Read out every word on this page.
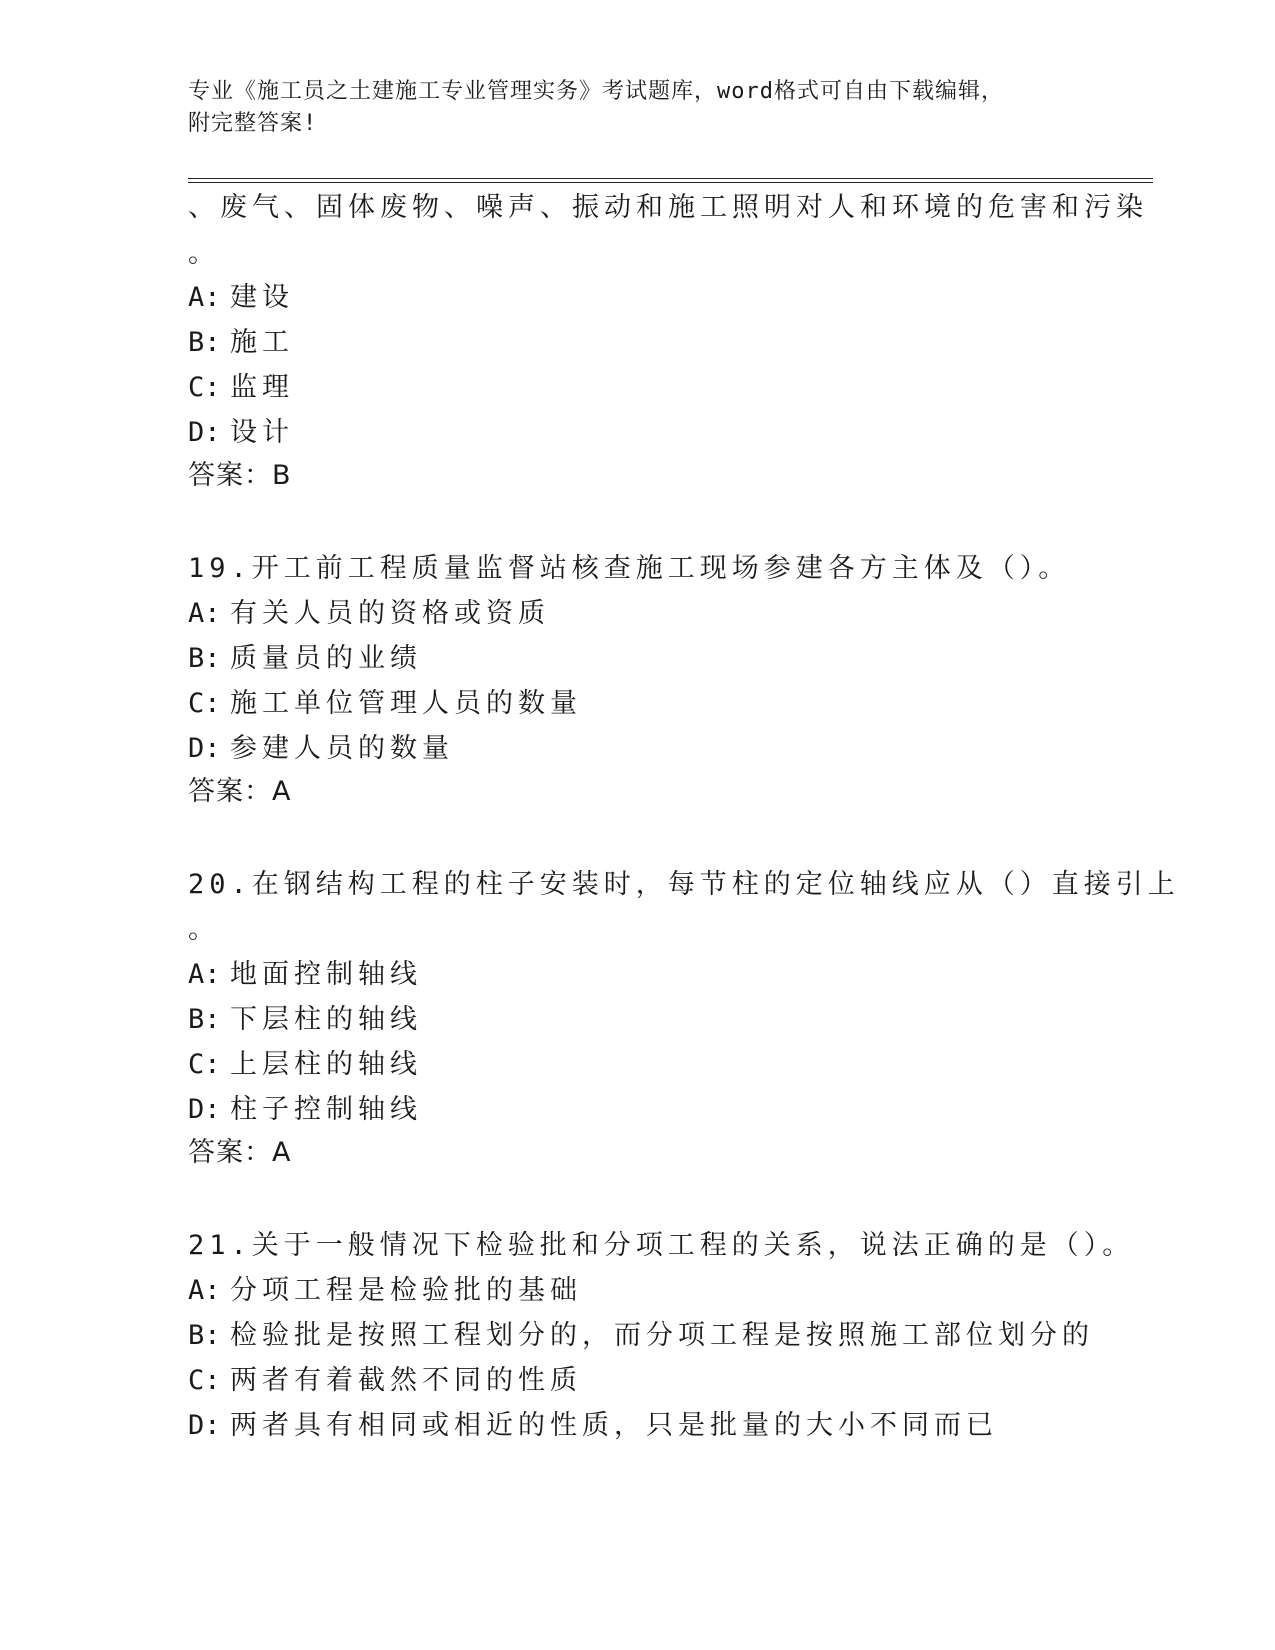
专业《施工员之土建施工专业管理实务》考试题库，word格式可自由下载编辑，
附完整答案!
、废气、固体废物、噪声、振动和施工照明对人和环境的危害和污染
。
A: 建设
B: 施工
C: 监理
D: 设计
答案：B
19.开工前工程质量监督站核查施工现场参建各方主体及（）。
A: 有关人员的资格或资质
B: 质量员的业绩
C: 施工单位管理人员的数量
D: 参建人员的数量
答案：A
20.在钢结构工程的柱子安装时，每节柱的定位轴线应从（）直接引上
。
A: 地面控制轴线
B: 下层柱的轴线
C: 上层柱的轴线
D: 柱子控制轴线
答案：A
21.关于一般情况下检验批和分项工程的关系，说法正确的是（）。
A: 分项工程是检验批的基础
B: 检验批是按照工程划分的，而分项工程是按照施工部位划分的
C: 两者有着截然不同的性质
D: 两者具有相同或相近的性质，只是批量的大小不同而已
